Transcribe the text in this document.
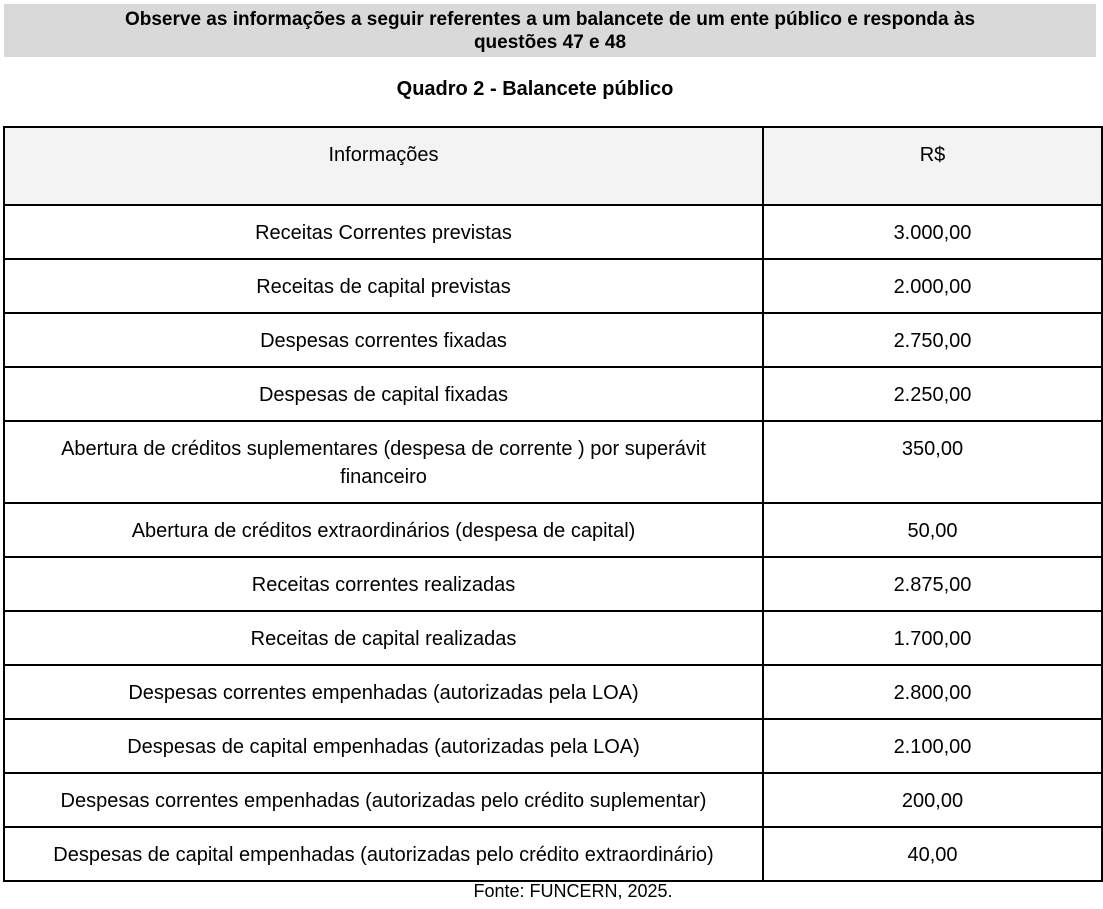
Observe as informações a seguir referentes a um balancete de um ente público e responda às questões 47 e 48
Quadro 2 - Balancete público
Informações	R$
Receitas Correntes previstas	3.000,00
Receitas de capital previstas	2.000,00
Despesas correntes fixadas	2.750,00
Despesas de capital fixadas	2.250,00
Abertura de créditos suplementares (despesa de corrente ) por superávit financeiro	350,00
Abertura de créditos extraordinários (despesa de capital)	50,00
Receitas correntes realizadas	2.875,00
Receitas de capital realizadas	1.700,00
Despesas correntes empenhadas (autorizadas pela LOA)	2.800,00
Despesas de capital empenhadas (autorizadas pela LOA)	2.100,00
Despesas correntes empenhadas (autorizadas pelo crédito suplementar)	200,00
Despesas de capital empenhadas (autorizadas pelo crédito extraordinário)	40,00
Fonte: FUNCERN, 2025.
